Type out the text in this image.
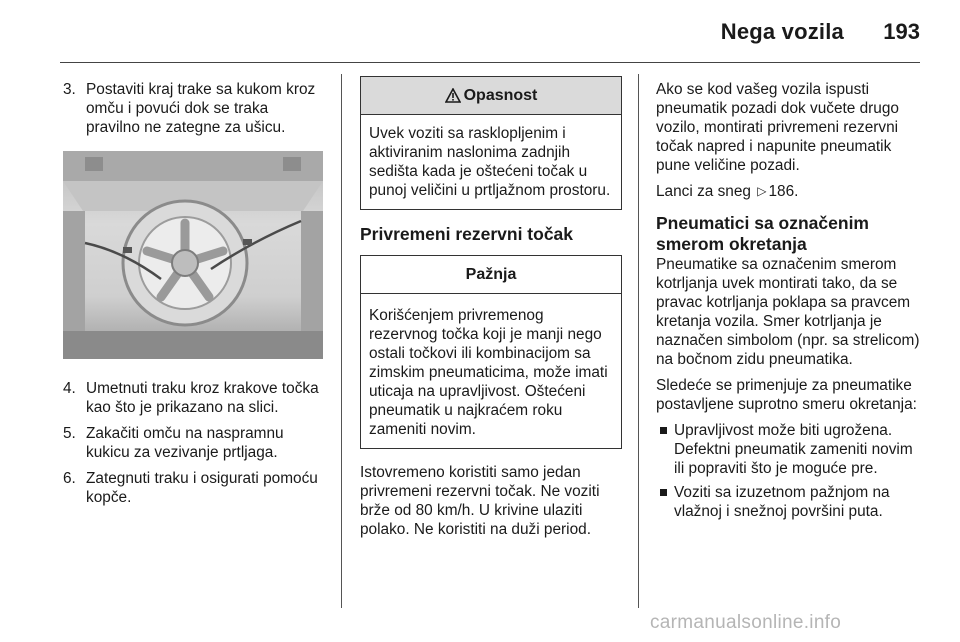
Nega vozila 193
3. Postaviti kraj trake sa kukom kroz omču i povući dok se traka pravilno ne zategne za ušicu.
4. Umetnuti traku kroz krakove točka kao što je prikazano na slici.
5. Zakačiti omču na naspramnu kukicu za vezivanje prtljaga.
6. Zategnuti traku i osigurati pomoću kopče.
Opasnost
Uvek voziti sa rasklopljenim i aktiviranim naslonima zadnjih sedišta kada je oštećeni točak u punoj veličini u prtljažnom prostoru.
Privremeni rezervni točak
Pažnja
Korišćenjem privremenog rezervnog točka koji je manji nego ostali točkovi ili kombinacijom sa zimskim pneumaticima, može imati uticaja na upravljivost. Oštećeni pneumatik u najkraćem roku zameniti novim.

Istovremeno koristiti samo jedan privremeni rezervni točak. Ne voziti brže od 80 km/h. U krivine ulaziti polako. Ne koristiti na duži period.

Ako se kod vašeg vozila ispusti pneumatik pozadi dok vučete drugo vozilo, montirati privremeni rezervni točak napred i napunite pneumatik pune veličine pozadi.

Lanci za sneg ▷ 186.

Pneumatici sa označenim smerom okretanja

Pneumatike sa označenim smerom kotrljanja uvek montirati tako, da se pravac kotrljanja poklapa sa pravcem kretanja vozila. Smer kotrljanja je naznačen simbolom (npr. sa strelicom) na bočnom zidu pneumatika.

Sledeće se primenjuje za pneumatike postavljene suprotno smeru okretanja:

Upravljivost može biti ugrožena. Defektni pneumatik zameniti novim ili popraviti što je moguće pre.
Voziti sa izuzetnom pažnjom na vlažnoj i snežnoj površini puta.
carmanualsonline.info
